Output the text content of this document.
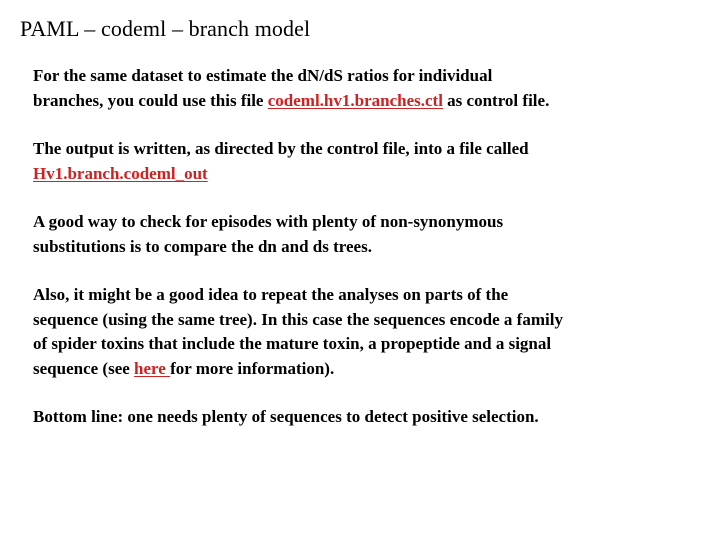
PAML – codeml – branch model

For the same dataset to estimate the dN/dS ratios for individual
branches, you could use this file codeml.hv1.branches.ctl as control file.

The output is written, as directed by the control file, into a file called
Hv1.branch.codeml_out

A good way to check for episodes with plenty of non-synonymous
substitutions is to compare the dn and ds trees.

Also, it might be a good idea to repeat the analyses on parts of the
sequence (using the same tree). In this case the sequences encode a family
of spider toxins that include the mature toxin, a propeptide and a signal
sequence (see here for more information).

Bottom line: one needs plenty of sequences to detect positive selection.
